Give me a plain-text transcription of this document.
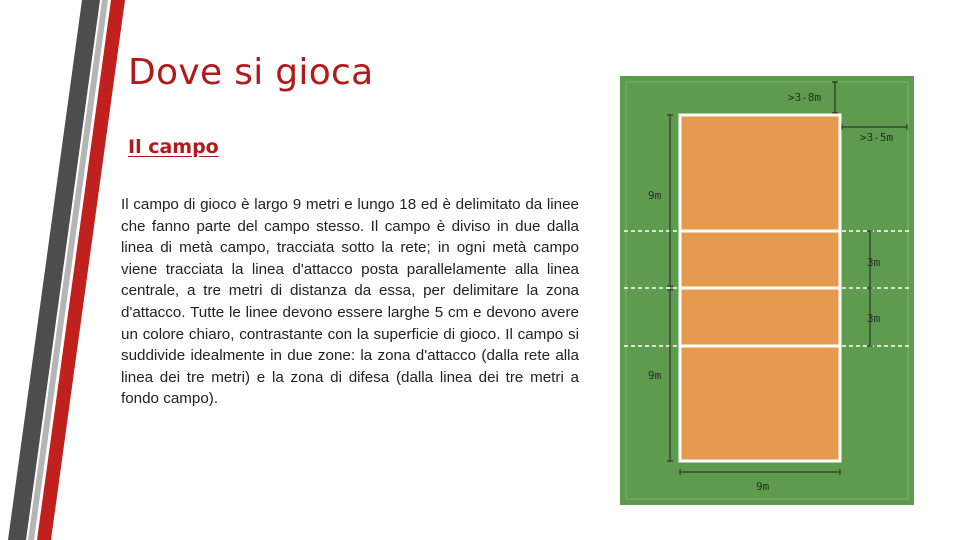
Dove si gioca
Il campo

Il campo di gioco è largo 9 metri e lungo 18 ed è delimitato da linee che fanno parte del campo stesso. Il campo è diviso in due dalla linea di metà campo, tracciata sotto la rete; in ogni metà campo viene tracciata la linea d'attacco posta parallelamente alla linea centrale, a tre metri di distanza da essa, per delimitare la zona d'attacco. Tutte le linee devono essere larghe 5 cm e devono avere un colore chiaro, contrastante con la superficie di gioco. Il campo si suddivide idealmente in due zone: la zona d'attacco (dalla rete alla linea dei tre metri) e la zona di difesa (dalla linea dei tre metri a fondo campo).

>3-8m
>3-5m
9m
9m
3m
3m
9m
